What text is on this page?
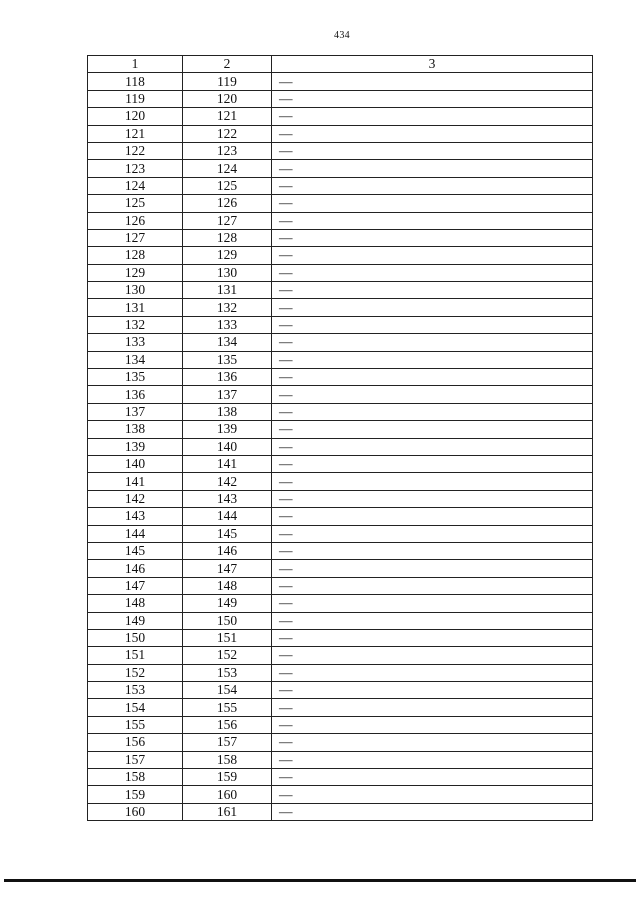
434
1	2	3
118	119	—
119	120	—
120	121	—
121	122	—
122	123	—
123	124	—
124	125	—
125	126	—
126	127	—
127	128	—
128	129	—
129	130	—
130	131	—
131	132	—
132	133	—
133	134	—
134	135	—
135	136	—
136	137	—
137	138	—
138	139	—
139	140	—
140	141	—
141	142	—
142	143	—
143	144	—
144	145	—
145	146	—
146	147	—
147	148	—
148	149	—
149	150	—
150	151	—
151	152	—
152	153	—
153	154	—
154	155	—
155	156	—
156	157	—
157	158	—
158	159	—
159	160	—
160	161	—
